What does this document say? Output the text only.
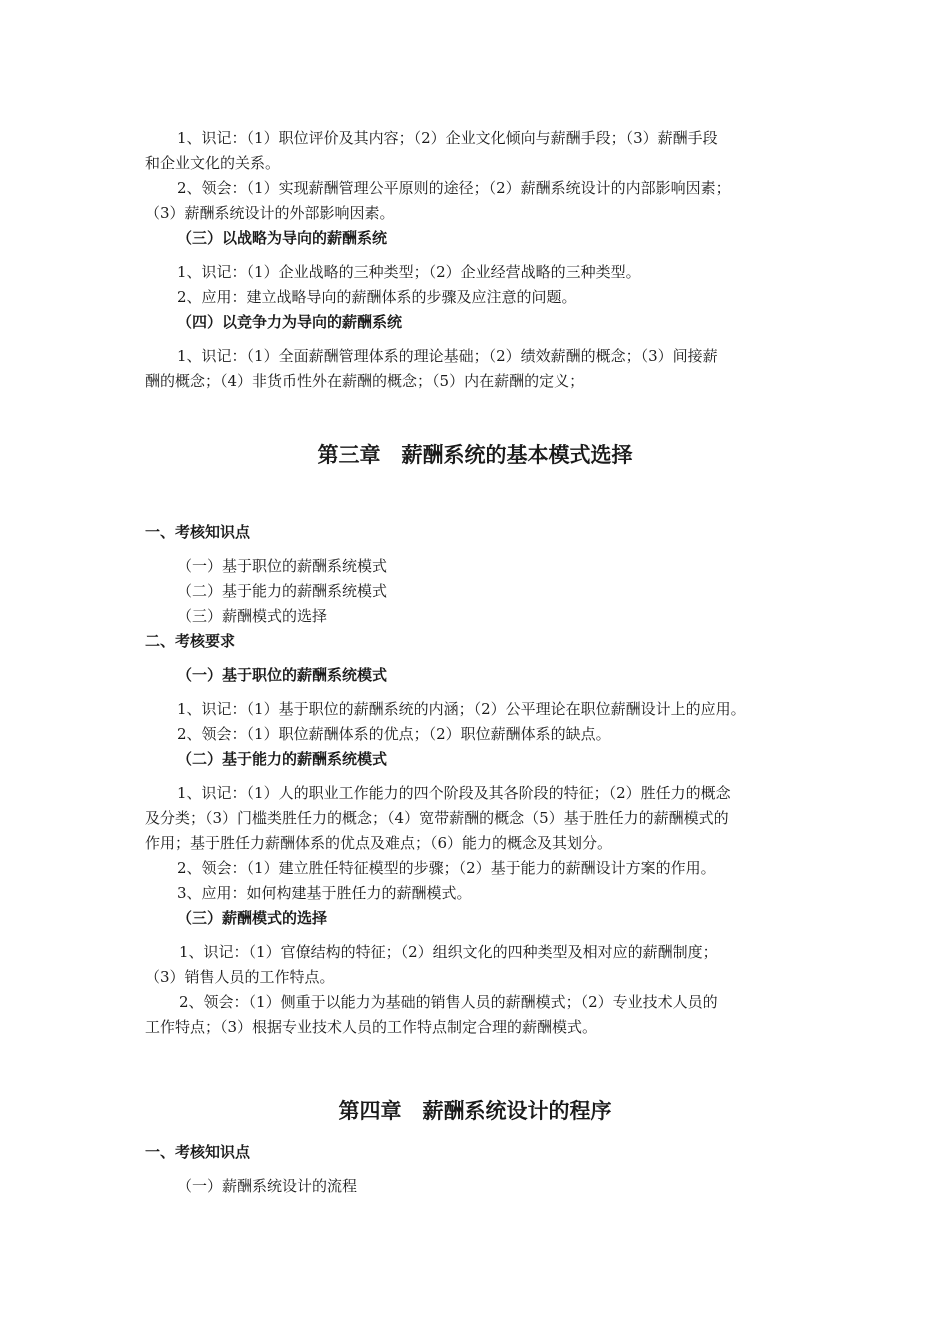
1、识记：（1）职位评价及其内容；（2）企业文化倾向与薪酬手段；（3）薪酬手段
和企业文化的关系。
2、领会：（1）实现薪酬管理公平原则的途径；（2）薪酬系统设计的内部影响因素；
（3）薪酬系统设计的外部影响因素。
（三）以战略为导向的薪酬系统
1、识记：（1）企业战略的三种类型；（2）企业经营战略的三种类型。
2、应用：建立战略导向的薪酬体系的步骤及应注意的问题。
（四）以竞争力为导向的薪酬系统
1、识记：（1）全面薪酬管理体系的理论基础；（2）绩效薪酬的概念；（3）间接薪
酬的概念；（4）非货币性外在薪酬的概念；（5）内在薪酬的定义；
第三章　薪酬系统的基本模式选择
一、考核知识点
（一）基于职位的薪酬系统模式
（二）基于能力的薪酬系统模式
（三）薪酬模式的选择
二、考核要求
（一）基于职位的薪酬系统模式
1、识记：（1）基于职位的薪酬系统的内涵；（2）公平理论在职位薪酬设计上的应用。
2、领会：（1）职位薪酬体系的优点；（2）职位薪酬体系的缺点。
（二）基于能力的薪酬系统模式
1、识记：（1）人的职业工作能力的四个阶段及其各阶段的特征；（2）胜任力的概念
及分类；（3）门槛类胜任力的概念；（4）宽带薪酬的概念（5）基于胜任力的薪酬模式的
作用；基于胜任力薪酬体系的优点及难点；（6）能力的概念及其划分。
2、领会：（1）建立胜任特征模型的步骤；（2）基于能力的薪酬设计方案的作用。
3、应用：如何构建基于胜任力的薪酬模式。
（三）薪酬模式的选择
1、识记：（1）官僚结构的特征；（2）组织文化的四种类型及相对应的薪酬制度；
（3）销售人员的工作特点。
2、领会：（1）侧重于以能力为基础的销售人员的薪酬模式；（2）专业技术人员的
工作特点；（3）根据专业技术人员的工作特点制定合理的薪酬模式。
第四章　薪酬系统设计的程序
一、考核知识点
（一）薪酬系统设计的流程
